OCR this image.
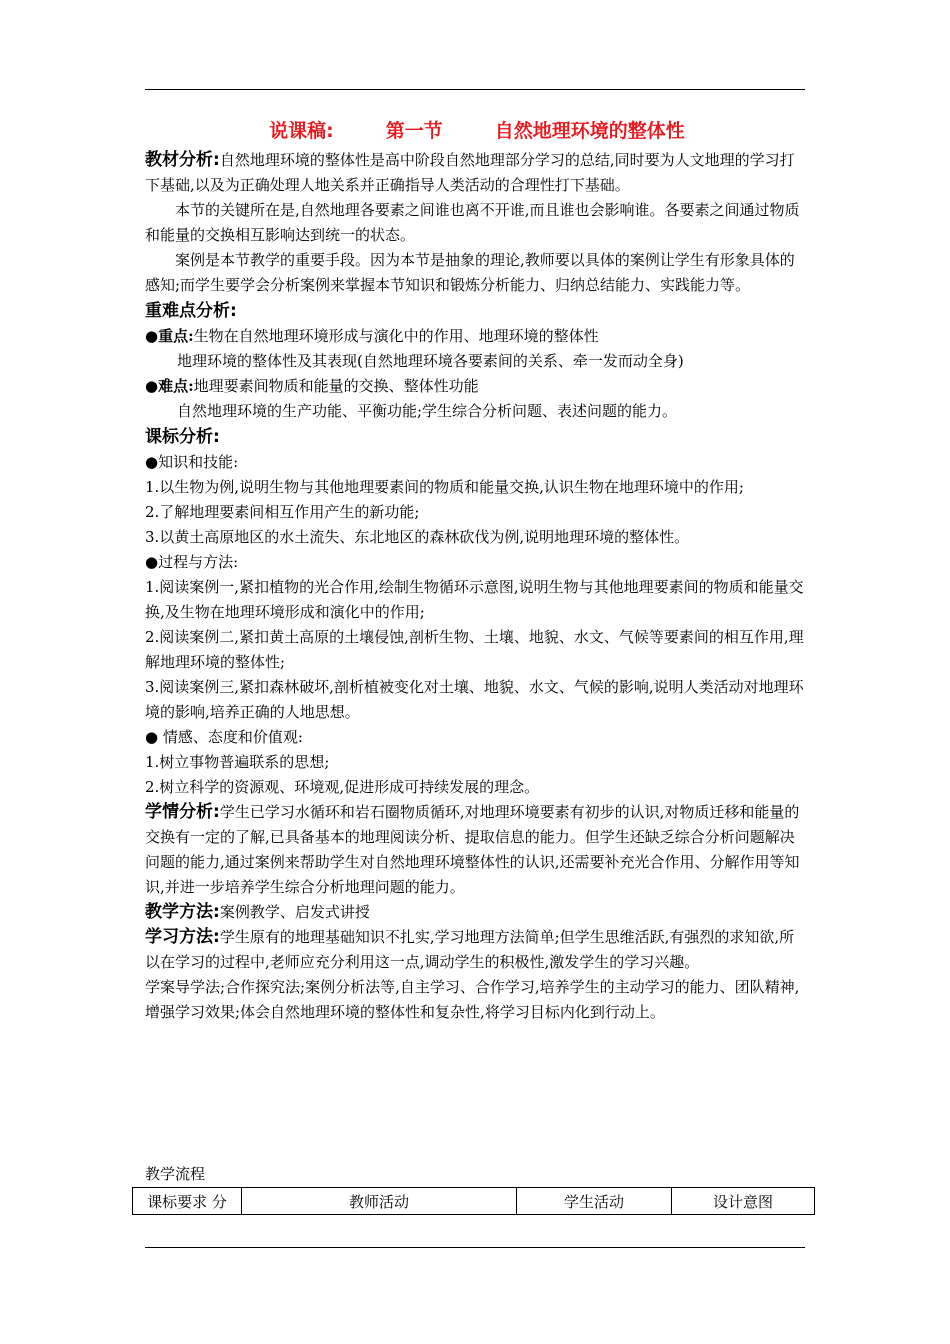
说课稿:	第一节	自然地理环境的整体性

教材分析:自然地理环境的整体性是高中阶段自然地理部分学习的总结,同时要为人文地理的学习打下基础,以及为正确处理人地关系并正确指导人类活动的合理性打下基础。

本节的关键所在是,自然地理各要素之间谁也离不开谁,而且谁也会影响谁。各要素之间通过物质和能量的交换相互影响达到统一的状态。

案例是本节教学的重要手段。因为本节是抽象的理论,教师要以具体的案例让学生有形象具体的感知;而学生要学会分析案例来掌握本节知识和锻炼分析能力、归纳总结能力、实践能力等。

重难点分析:

●重点:生物在自然地理环境形成与演化中的作用、地理环境的整体性

地理环境的整体性及其表现(自然地理环境各要素间的关系、牵一发而动全身)

●难点:地理要素间物质和能量的交换、整体性功能

自然地理环境的生产功能、平衡功能;学生综合分析问题、表述问题的能力。

课标分析:

●知识和技能:

1.以生物为例,说明生物与其他地理要素间的物质和能量交换,认识生物在地理环境中的作用;

2.了解地理要素间相互作用产生的新功能;

3.以黄土高原地区的水土流失、东北地区的森林砍伐为例,说明地理环境的整体性。

●过程与方法:

1.阅读案例一,紧扣植物的光合作用,绘制生物循环示意图,说明生物与其他地理要素间的物质和能量交换,及生物在地理环境形成和演化中的作用;

2.阅读案例二,紧扣黄土高原的土壤侵蚀,剖析生物、土壤、地貌、水文、气候等要素间的相互作用,理解地理环境的整体性;

3.阅读案例三,紧扣森林破坏,剖析植被变化对土壤、地貌、水文、气候的影响,说明人类活动对地理环境的影响,培养正确的人地思想。

● 情感、态度和价值观:

1.树立事物普遍联系的思想;

2.树立科学的资源观、环境观,促进形成可持续发展的理念。

学情分析:学生已学习水循环和岩石圈物质循环,对地理环境要素有初步的认识,对物质迁移和能量的交换有一定的了解,已具备基本的地理阅读分析、提取信息的能力。但学生还缺乏综合分析问题解决问题的能力,通过案例来帮助学生对自然地理环境整体性的认识,还需要补充光合作用、分解作用等知识,并进一步培养学生综合分析地理问题的能力。

教学方法:案例教学、启发式讲授

学习方法:学生原有的地理基础知识不扎实,学习地理方法简单;但学生思维活跃,有强烈的求知欲,所以在学习的过程中,老师应充分利用这一点,调动学生的积极性,激发学生的学习兴趣。

学案导学法;合作探究法;案例分析法等,自主学习、合作学习,培养学生的主动学习的能力、团队精神,增强学习效果;体会自然地理环境的整体性和复杂性,将学习目标内化到行动上。

教学流程
课标要求 分	教师活动	学生活动	设计意图
